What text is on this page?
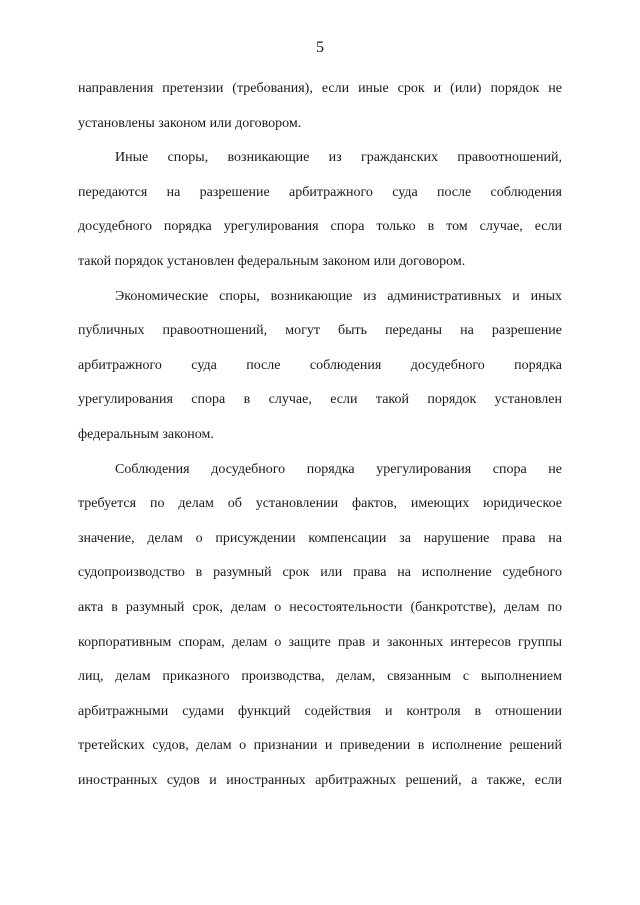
5
направления претензии (требования), если иные срок и (или) порядок не
установлены законом или договором.
Иные споры, возникающие из гражданских правоотношений,
передаются на разрешение арбитражного суда после соблюдения
досудебного порядка урегулирования спора только в том случае, если
такой порядок установлен федеральным законом или договором.
Экономические споры, возникающие из административных и иных
публичных правоотношений, могут быть переданы на разрешение
арбитражного суда после соблюдения досудебного порядка
урегулирования спора в случае, если такой порядок установлен
федеральным законом.
Соблюдения досудебного порядка урегулирования спора не
требуется по делам об установлении фактов, имеющих юридическое
значение, делам о присуждении компенсации за нарушение права на
судопроизводство в разумный срок или права на исполнение судебного
акта в разумный срок, делам о несостоятельности (банкротстве), делам по
корпоративным спорам, делам о защите прав и законных интересов группы
лиц, делам приказного производства, делам, связанным с выполнением
арбитражными судами функций содействия и контроля в отношении
третейских судов, делам о признании и приведении в исполнение решений
иностранных судов и иностранных арбитражных решений, а также, если
